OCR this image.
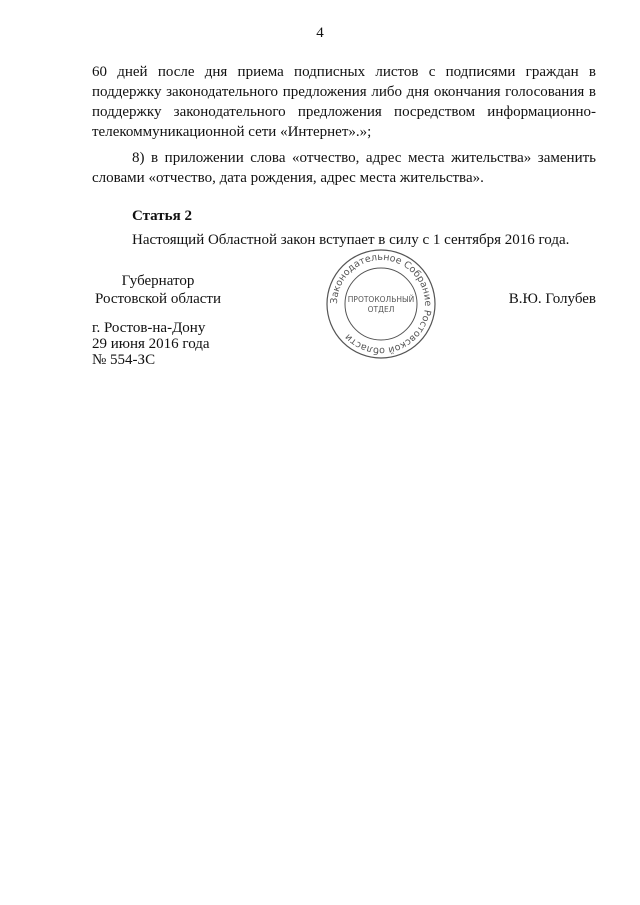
4

60 дней после дня приема подписных листов с подписями граждан в поддержку законодательного предложения либо дня окончания голосования в поддержку законодательного предложения посредством информационно-телекоммуникационной сети «Интернет».»;

8) в приложении слова «отчество, адрес места жительства» заменить словами «отчество, дата рождения, адрес места жительства».

Статья 2

Настоящий Областной закон вступает в силу с 1 сентября 2016 года.

Губернатор
Ростовской области	В.Ю. Голубев
г. Ростов-на-Дону
29 июня 2016 года
№ 554-ЗС
Законодательное Собрание Ростовской области
ПРОТОКОЛЬНЫЙ
ОТДЕЛ
